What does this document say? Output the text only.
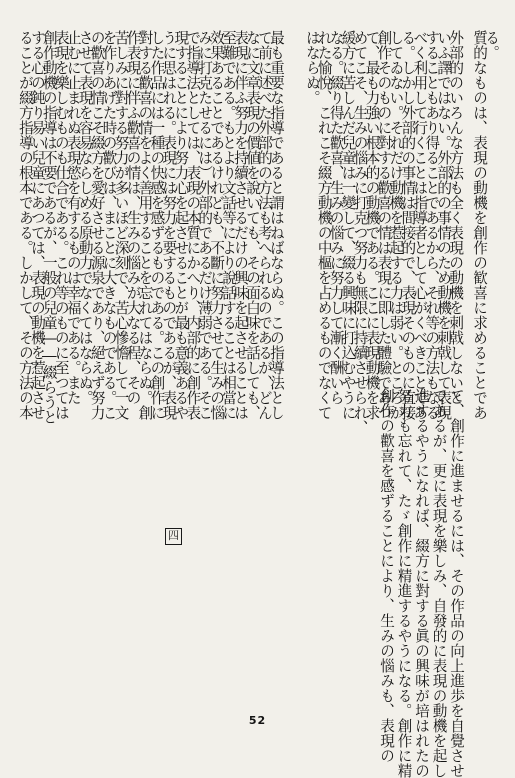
る。
質的なものは、表現の動機を創作の歓喜に求めることであ
外部的のいろんな方法も全く表現の動機を刺戟しないと
いふ譯ではない。外部的の事情のため動機を刺戟して表現
することもあり得ることであるから、それ等の方法もなる
べく利用して行くことは指導者として心がくべきことであ
る。しかし外部的の事情は間接的で、表現そのものに直接
してゐない。それだけ動機を惹起する力は弱い。ところが
創作そのものに對する歡喜の情は表現に即した體驗であつ
て、最も力強い根本的の動機である。ここに表現動機を求
めてこそ、生みの惱みに打克つ努力も無限に持續させられ、
緩方に苦しんだ兒童は一變して、綴る興味に打込むやうに
なる。綴り得た歡喜、生みの惱みに努力して漸く酬いら
れた愉悅、これこそ綴方動機の中樞を占めるものでなくて
はならぬ。
最も重要な指導であると謂はねばならぬ。この指導法とし
て前に述べた外部的の方法も考へられるのであるが、どん
なに文章表現の價値を說いても、その面白味を話しても、
表現に伴ふ努力を持續させるだけの興味を起させることは
至難である。もとより文話等により說話することは相當に
效果あることであるけれども、不斷に努力させて生みの惱
みに打克たせるには）外部的であるだけ薄弱である。そこ
で指導法としては、表現の本質にかへり、内部的に創作表
現することにより努力心を起させることが最も意義あるや
うに思はれる。表現には努力を要するものであるが、表現
した作品には一種の快感を感ずるものである。この創作に
對する歡喜の情をよく善用することを忘れてはならぬ。創
作表現に伴ふ歡喜の情は、生みの惱みが大なる程、その
苦しみに對する努力が多いほど深刻で、苦心慘憺して一文
を作りあげた時の歡びは、まことに大きなものである。こ
の歡喜の情こそ綴方を愛好させる源泉であり、絕えず努力
させて表現を容易ならしめる原動力でなくてはならぬ。
止むに止まれぬ表現慾を有するものは幸福である。また
表現を樂しむものも仕合である。これ等のものに至つては
創作動機の指導は不要であるが、一般の兒童――綴らうと
する心の鈍り易い兒童にあつては、表現の動機を惹起させ
ることが綴方指導の根本である。しかして、その方法の本
て、創作に進ませるには、その作品の向上進歩を自覺させ
であるが、更に表現を樂しみ、自發的に表現の動機を起し
進するやうになれば、綴方に對する眞の興味が培はれたの
努力も忘れて、たゞ創作に精進するやうになる。創作に精
創作の歡喜を感ずることにより、生みの惱みも、表現の
四
52
